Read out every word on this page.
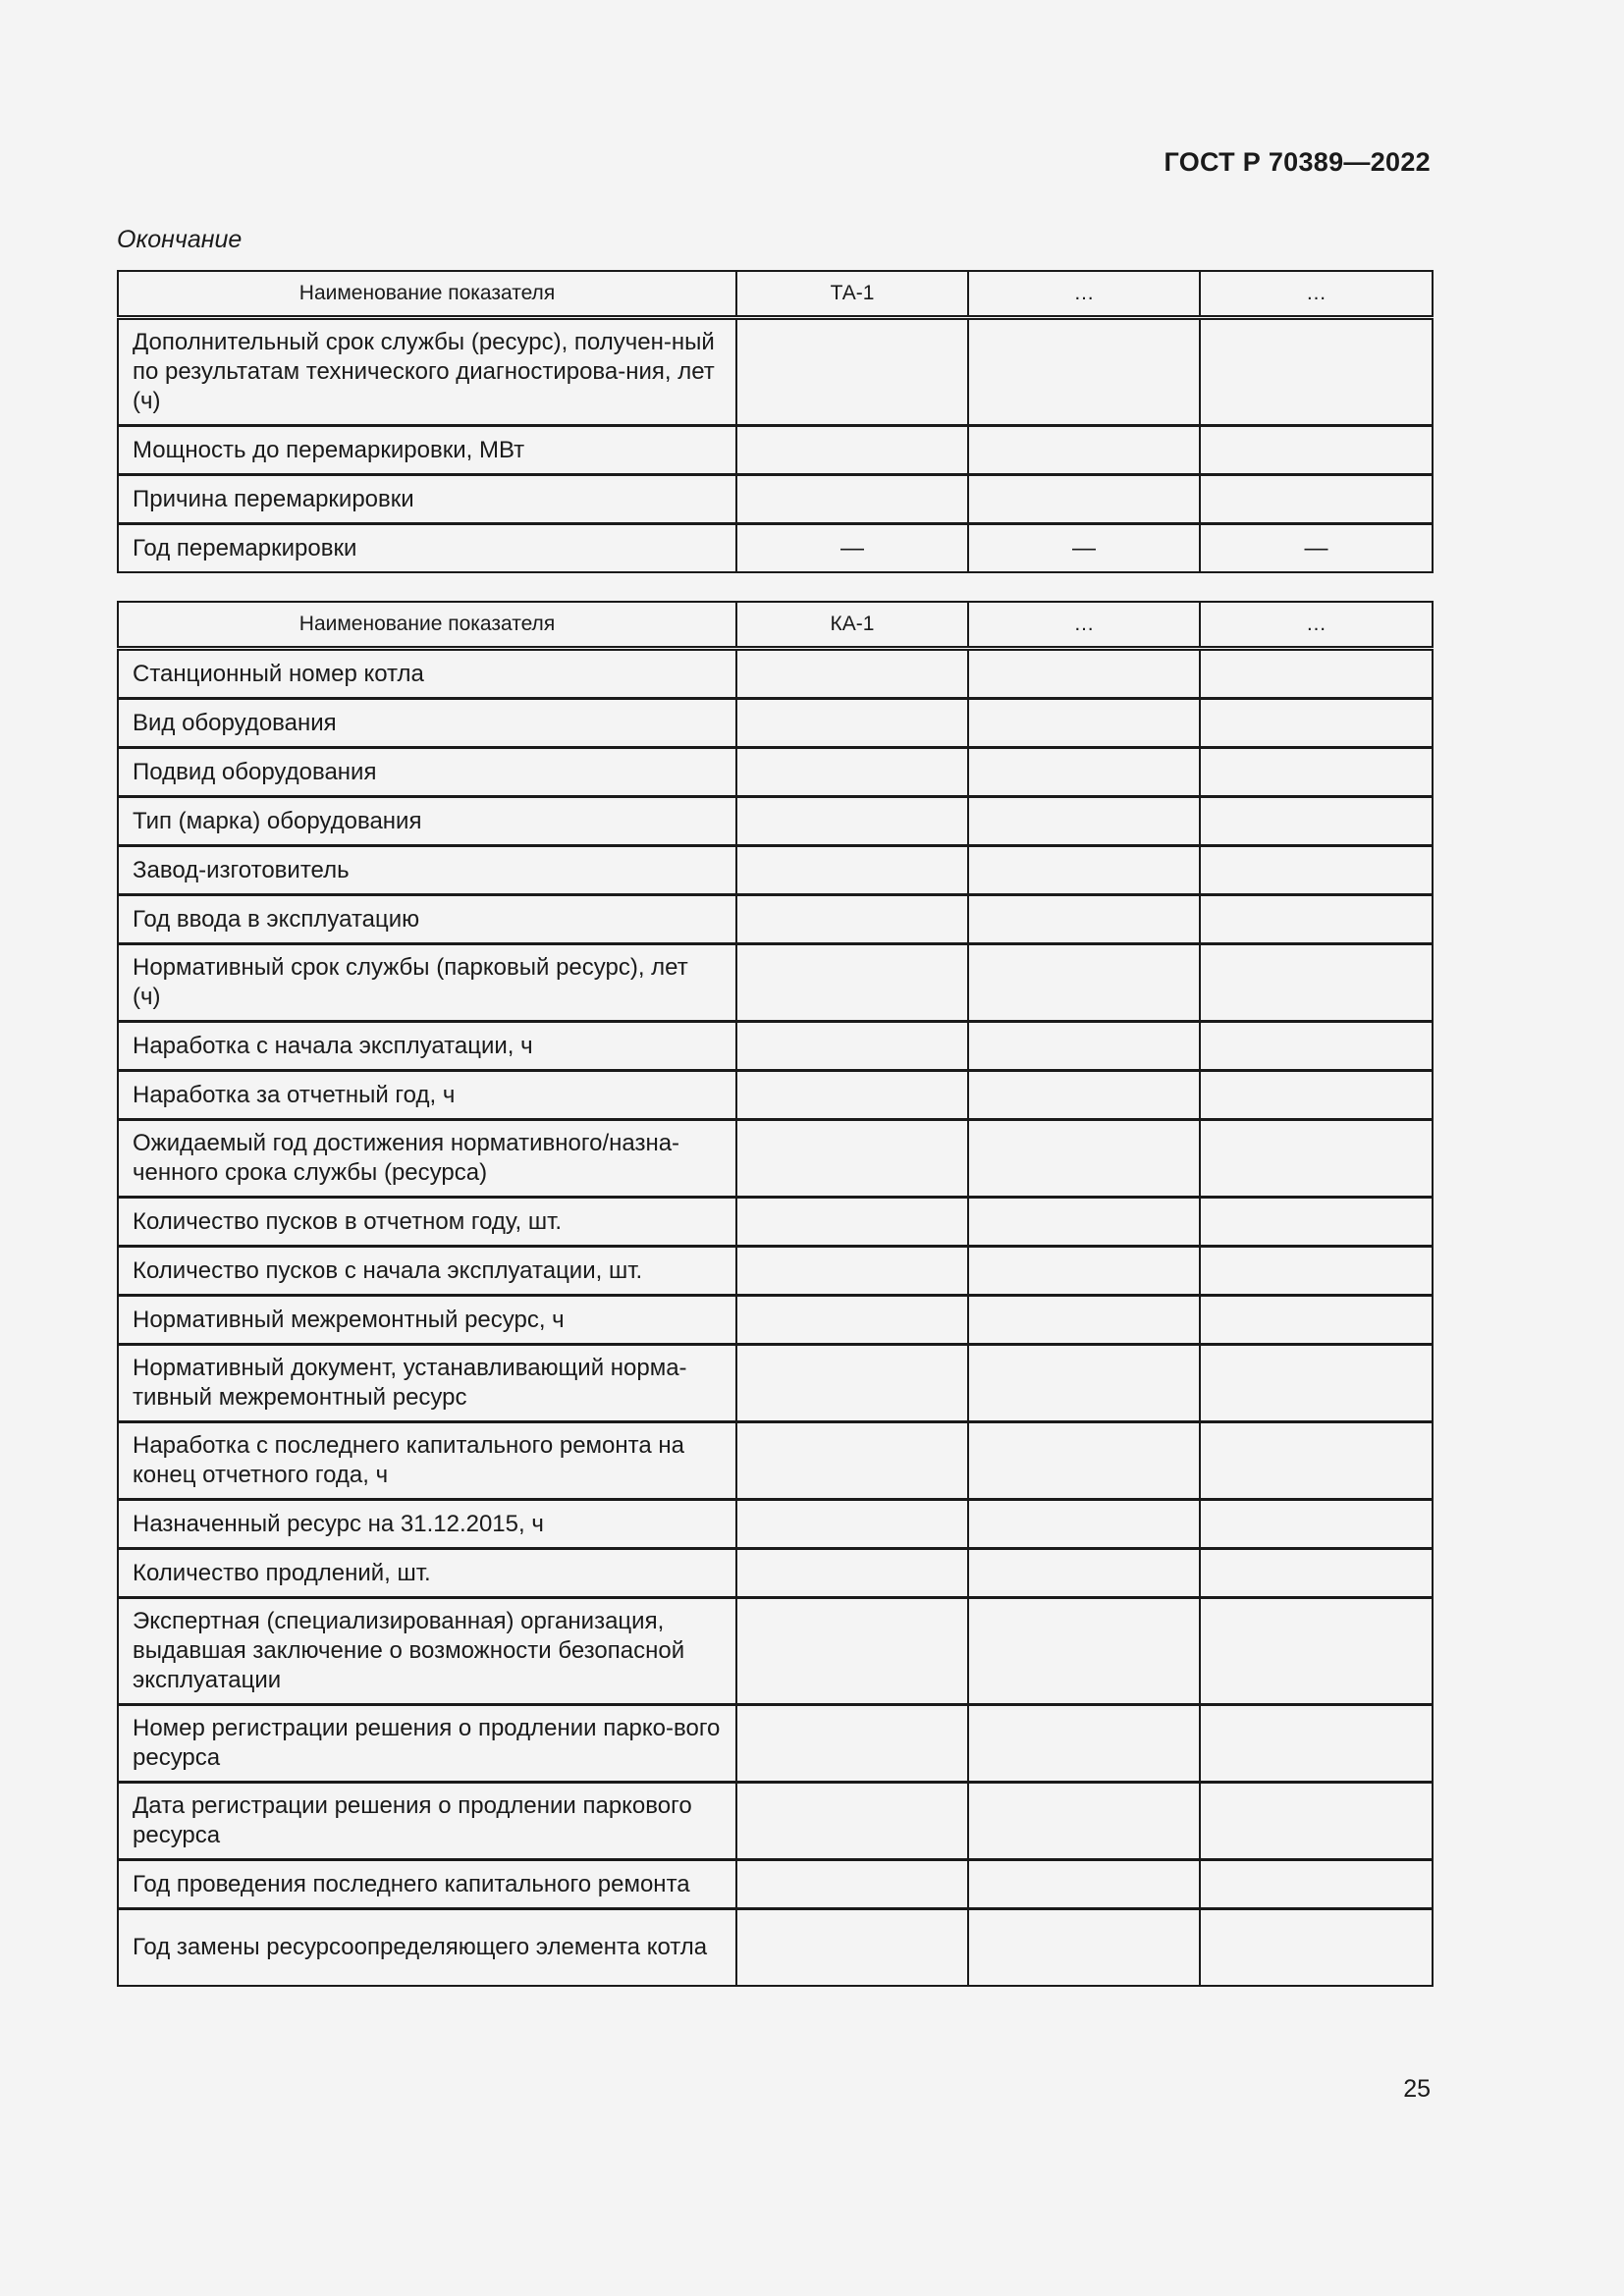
ГОСТ Р 70389—2022
Окончание
Наименование показателя	ТА-1	…	…
Дополнительный срок службы (ресурс), получен-ный по результатам технического диагностирова-ния, лет (ч)			
Мощность до перемаркировки, МВт			
Причина перемаркировки			
Год перемаркировки	—	—	—
Наименование показателя	КА-1	…	…
Станционный номер котла			
Вид оборудования			
Подвид оборудования			
Тип (марка) оборудования			
Завод-изготовитель			
Год ввода в эксплуатацию			
Нормативный срок службы (парковый ресурс), лет (ч)			
Наработка с начала эксплуатации, ч			
Наработка за отчетный год, ч			
Ожидаемый год достижения нормативного/назна-ченного срока службы (ресурса)			
Количество пусков в отчетном году, шт.			
Количество пусков с начала эксплуатации, шт.			
Нормативный межремонтный ресурс, ч			
Нормативный документ, устанавливающий норма-тивный межремонтный ресурс			
Наработка с последнего капитального ремонта на конец отчетного года, ч			
Назначенный ресурс на 31.12.2015, ч			
Количество продлений, шт.			
Экспертная (специализированная) организация, выдавшая заключение о возможности безопасной эксплуатации			
Номер регистрации решения о продлении парко-вого ресурса			
Дата регистрации решения о продлении паркового ресурса			
Год проведения последнего капитального ремонта			
Год замены ресурсоопределяющего элемента котла			
25
